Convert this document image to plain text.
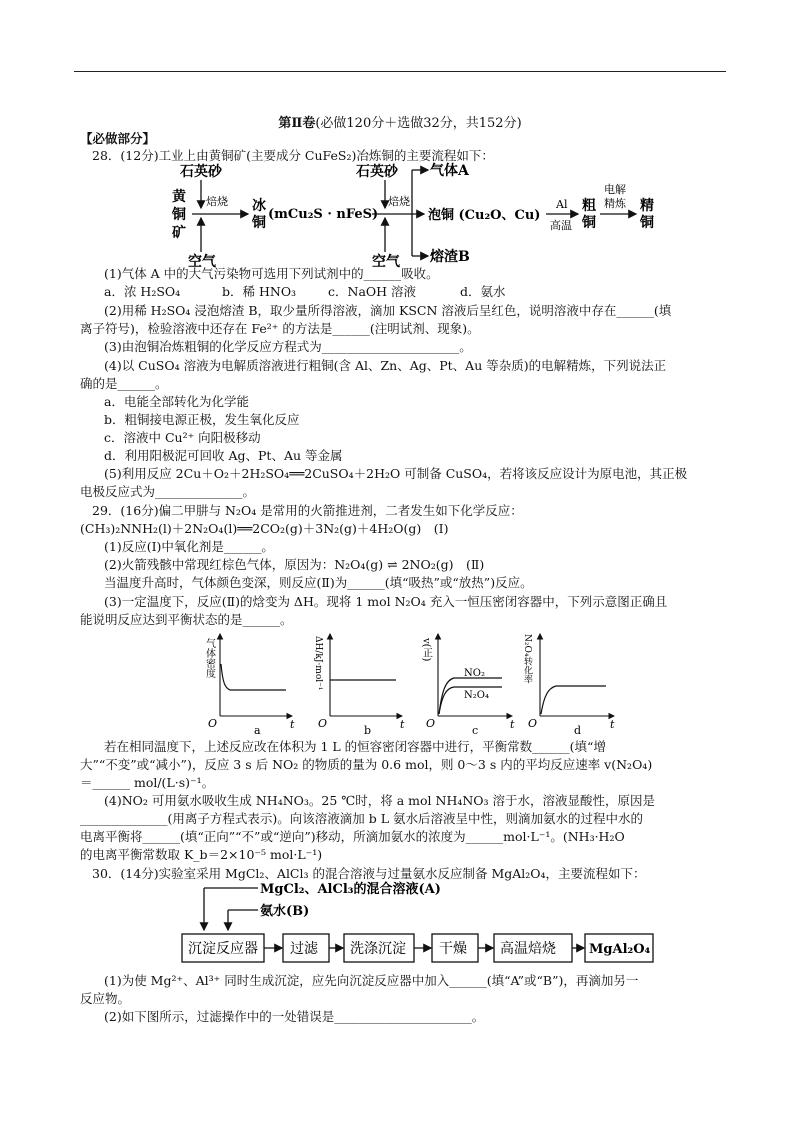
第Ⅱ卷(必做120分＋选做32分，共152分)
【必做部分】
28．(12分)工业上由黄铜矿(主要成分 CuFeS₂)冶炼铜的主要流程如下：
黄
铜
矿
石英砂
空气
焙烧 冰
铜
(mCu₂S · nFeS)
石英砂
空气
焙烧
气体A
熔渣B
泡铜 (Cu₂O、Cu)
Al
高温
粗
铜
电解
精炼 精
铜
(1)气体 A 中的大气污染物可选用下列试剂中的______吸收。
a．浓 H₂SO₄	b．稀 HNO₃	c．NaOH 溶液	d．氨水
(2)用稀 H₂SO₄ 浸泡熔渣 B，取少量所得溶液，滴加 KSCN 溶液后呈红色，说明溶液中存在______(填
离子符号)，检验溶液中还存在 Fe²⁺ 的方法是______(注明试剂、现象)。
(3)由泡铜冶炼粗铜的化学反应方程式为______________________。
(4)以 CuSO₄ 溶液为电解质溶液进行粗铜(含 Al、Zn、Ag、Pt、Au 等杂质)的电解精炼，下列说法正
确的是______。
a．电能全部转化为化学能
b．粗铜接电源正极，发生氧化反应
c．溶液中 Cu²⁺ 向阳极移动
d．利用阳极泥可回收 Ag、Pt、Au 等金属
(5)利用反应 2Cu＋O₂＋2H₂SO₄══2CuSO₄＋2H₂O 可制备 CuSO₄，若将该反应设计为原电池，其正极
电极反应式为______________。
29．(16分)偏二甲肼与 N₂O₄ 是常用的火箭推进剂，二者发生如下化学反应：
(CH₃)₂NNH₂(l)＋2N₂O₄(l)══2CO₂(g)＋3N₂(g)＋4H₂O(g)　(Ⅰ)
(1)反应(Ⅰ)中氧化剂是______。
(2)火箭残骸中常现红棕色气体，原因为：N₂O₄(g) ⇌ 2NO₂(g)　(Ⅱ)
当温度升高时，气体颜色变深，则反应(Ⅱ)为______(填“吸热”或“放热”)反应。
(3)一定温度下，反应(Ⅱ)的焓变为 ΔH。现将 1 mol N₂O₄ 充入一恒压密闭容器中，下列示意图正确且
能说明反应达到平衡状态的是______。
气体密度
O	t
a
ΔH/kJ·mol⁻¹
O	t
b
v(正)
NO₂
N₂O₄
O	t
c
N₂O₄转化率
O	t
d
若在相同温度下，上述反应改在体积为 1 L 的恒容密闭容器中进行，平衡常数______(填“增
大”“不变”或“减小”)，反应 3 s 后 NO₂ 的物质的量为 0.6 mol，则 0～3 s 内的平均反应速率 v(N₂O₄)
＝______ mol/(L·s)⁻¹。
(4)NO₂ 可用氨水吸收生成 NH₄NO₃。25 ℃时，将 a mol NH₄NO₃ 溶于水，溶液显酸性，原因是
______________(用离子方程式表示)。向该溶液滴加 b L 氨水后溶液呈中性，则滴加氨水的过程中水的
电离平衡将______(填“正向”“不”或“逆向”)移动，所滴加氨水的浓度为______mol·L⁻¹。(NH₃·H₂O
的电离平衡常数取 K_b＝2×10⁻⁵ mol·L⁻¹)
30．(14分)实验室采用 MgCl₂、AlCl₃ 的混合溶液与过量氨水反应制备 MgAl₂O₄，主要流程如下：
MgCl₂、AlCl₃的混合溶液(A)
氨水(B)
沉淀反应器 过滤 洗涤沉淀 干燥 高温焙烧	MgAl₂O₄
(1)为使 Mg²⁺、Al³⁺ 同时生成沉淀，应先向沉淀反应器中加入______(填“A”或“B”)，再滴加另一
反应物。
(2)如下图所示，过滤操作中的一处错误是______________________。
